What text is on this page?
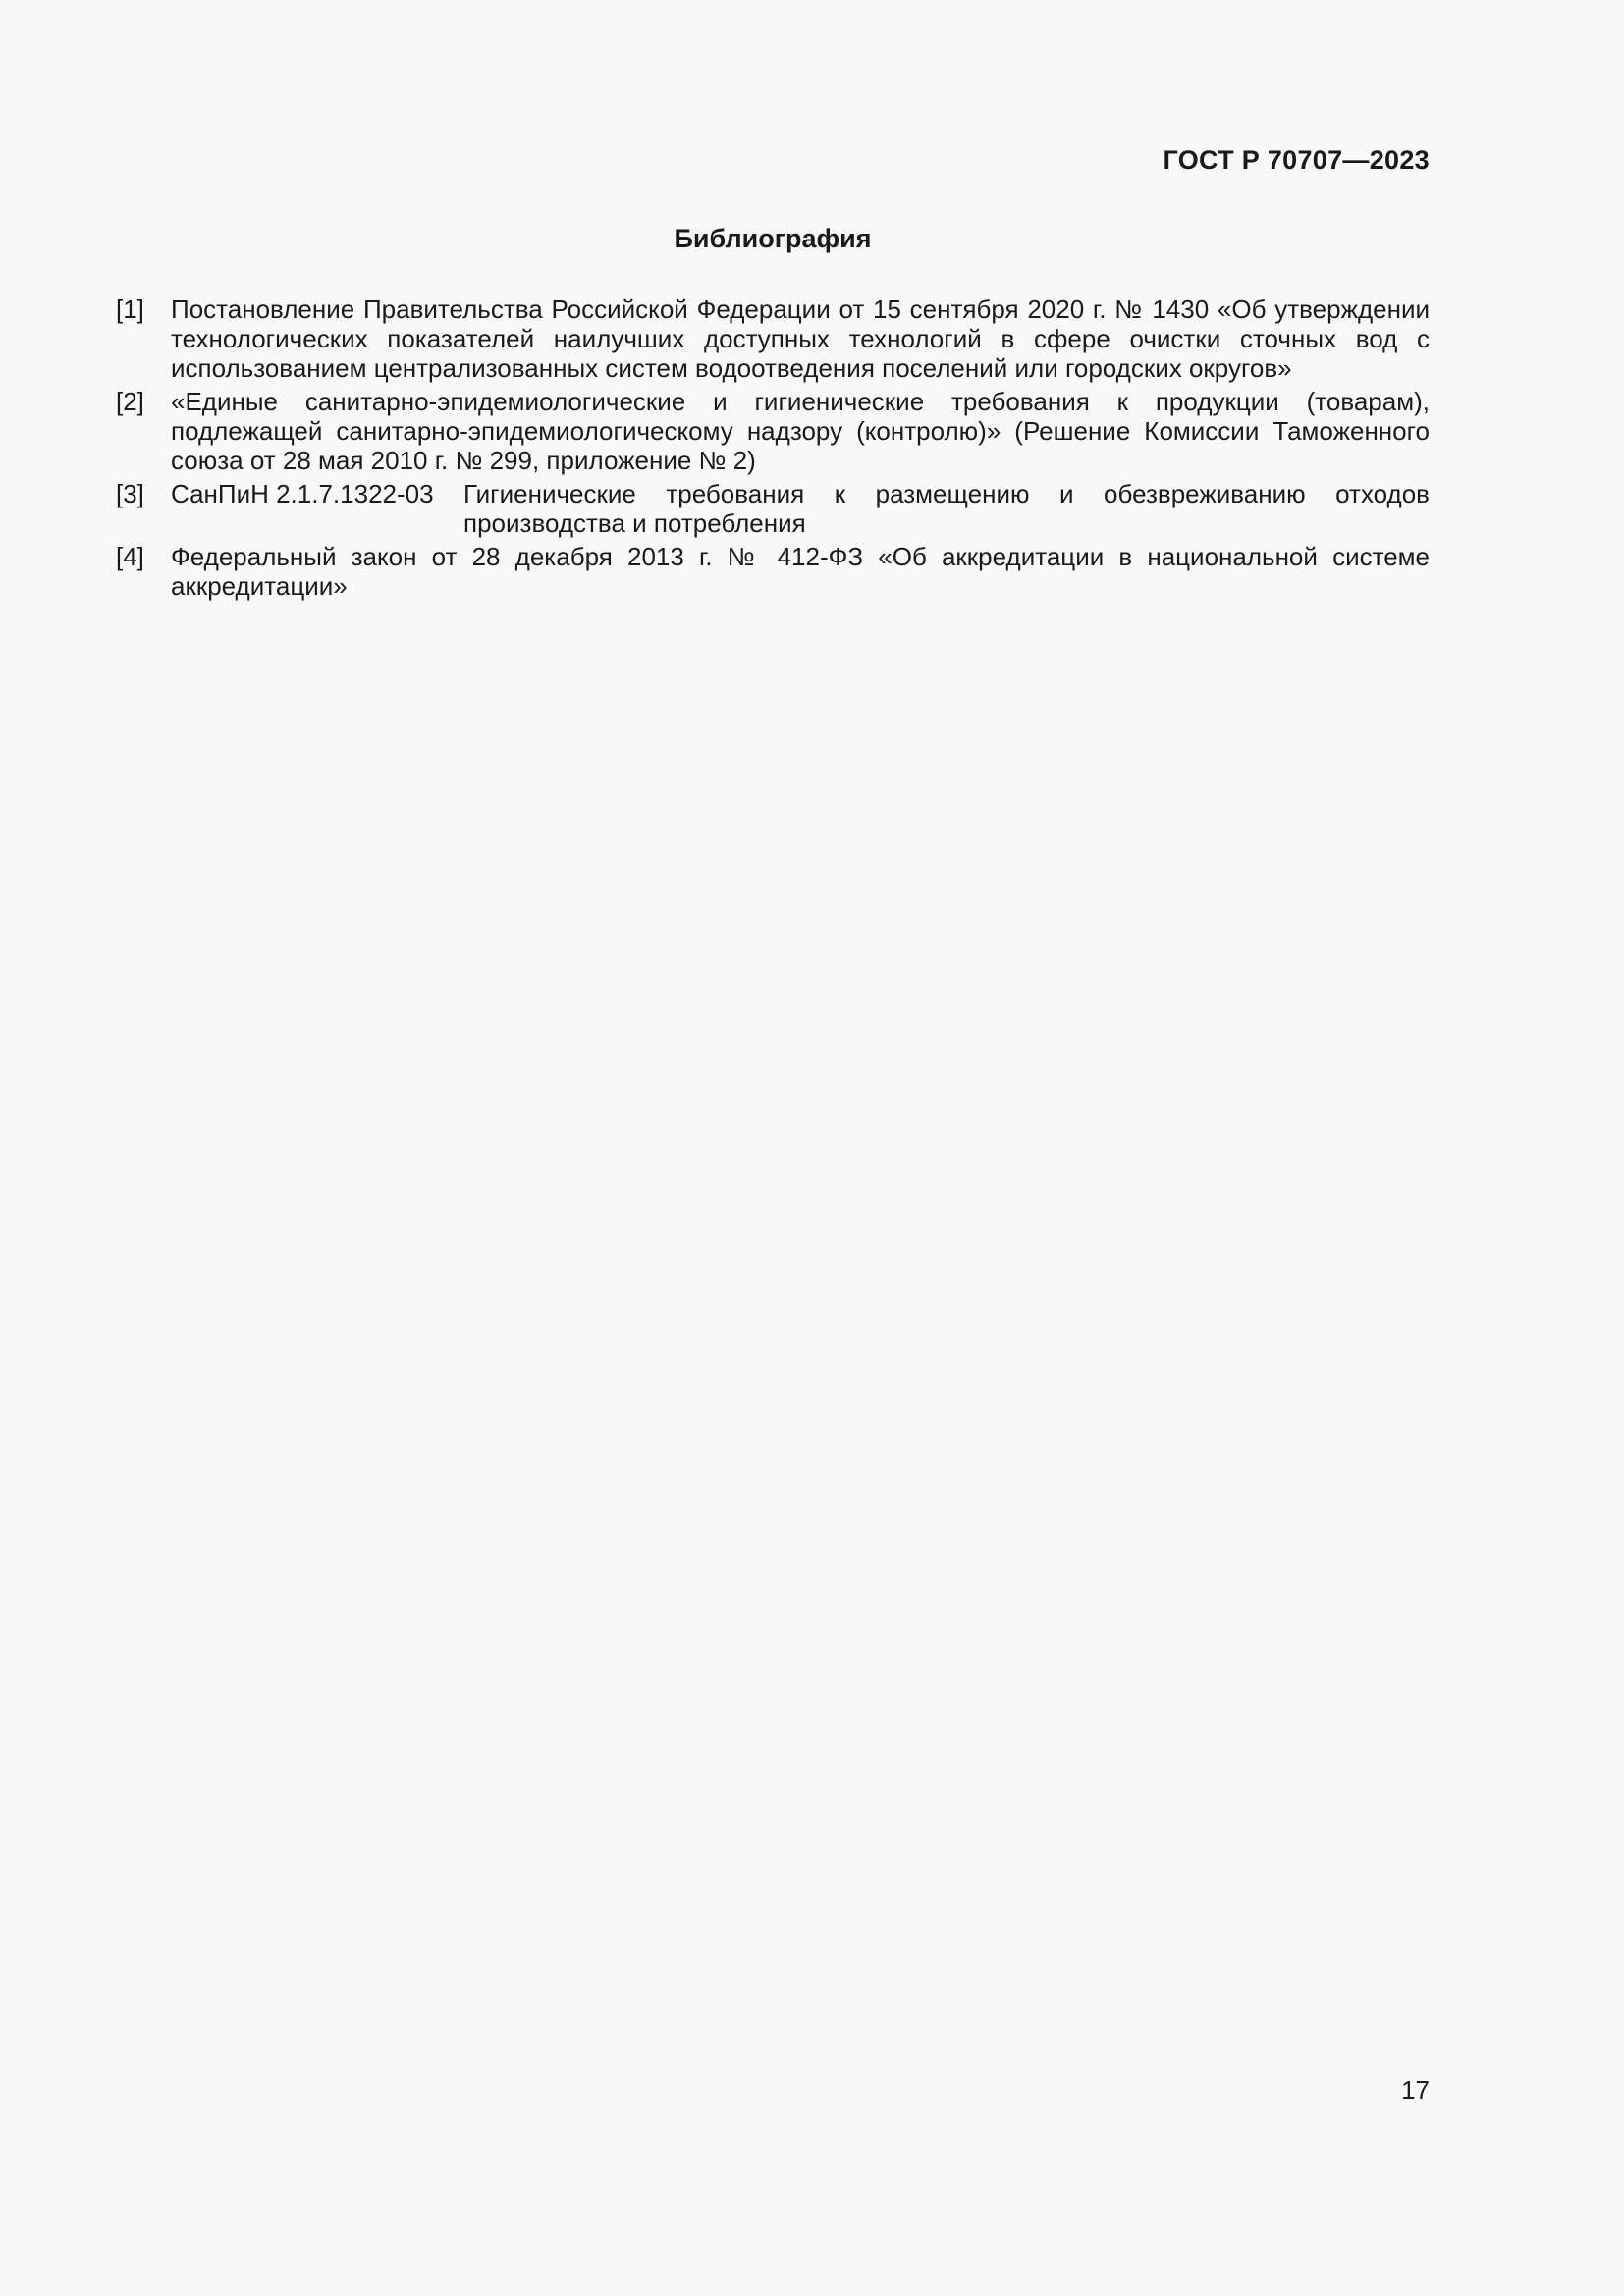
ГОСТ Р 70707—2023
Библиография
[1]	Постановление Правительства Российской Федерации от 15 сентября 2020 г. № 1430 «Об утверждении технологических показателей наилучших доступных технологий в сфере очистки сточных вод с использованием централизованных систем водоотведения поселений или городских округов»
[2]	«Единые санитарно-эпидемиологические и гигиенические требования к продукции (товарам), подлежащей санитарно-эпидемиологическому надзору (контролю)» (Решение Комиссии Таможенного союза от 28 мая 2010 г. № 299, приложение № 2)
[3]	СанПиН 2.1.7.1322-03	Гигиенические требования к размещению и обезвреживанию отходов производства и потребления
[4]	Федеральный закон от 28 декабря 2013 г. № 412-ФЗ «Об аккредитации в национальной системе аккредитации»
17
